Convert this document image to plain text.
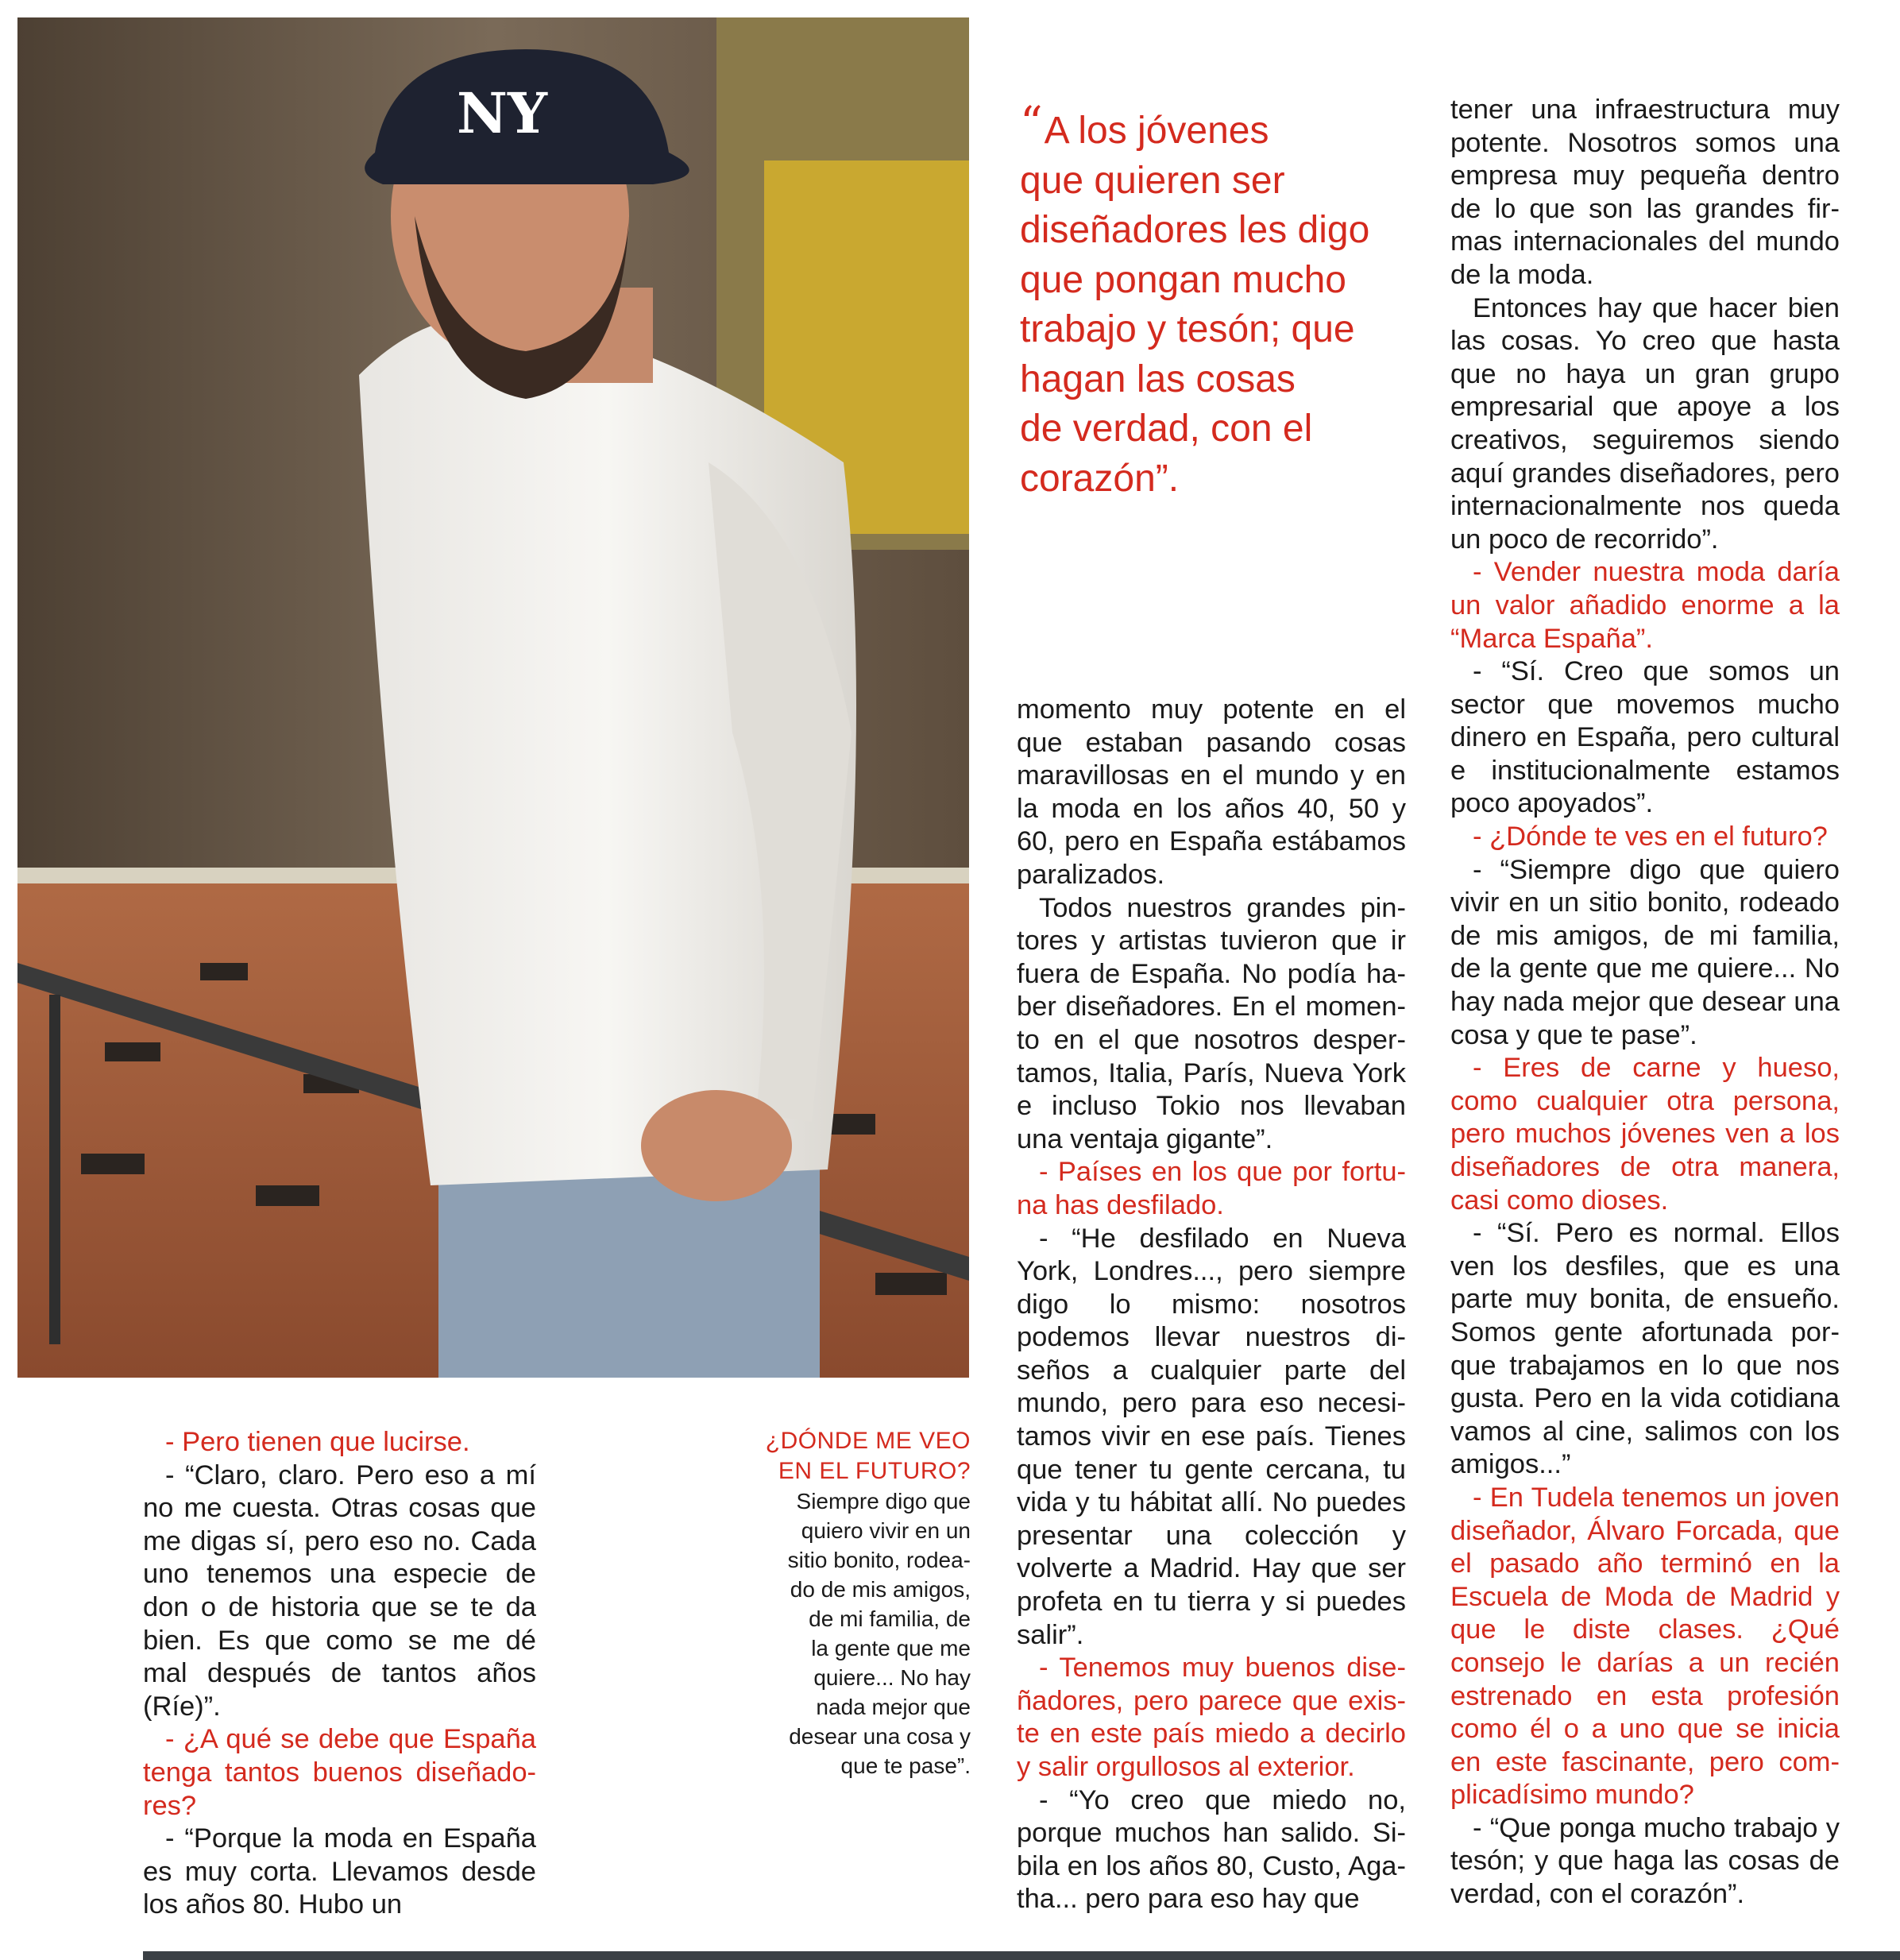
NY	“A los jóvenes
que quieren ser
diseñadores les digo
que pongan mucho
trabajo y tesón; que
hagan las cosas
de verdad, con el
corazón”.

- Pero tienen que lucirse.

- “Claro, claro. Pero eso a mí no me cuesta. Otras cosas que me digas sí, pero eso no. Cada uno tenemos una especie de don o de historia que se te da bien. Es que como se me dé mal después de tantos años (Ríe)”.

- ¿A qué se debe que España tenga tantos buenos diseñadores?

- “Porque la moda en España es muy corta. Llevamos desde los años 80. Hubo un

¿DÓNDE ME VEO
EN EL FUTURO?
Siempre digo que
quiero vivir en un
sitio bonito, rodea-
do de mis amigos,
de mi familia, de
la gente que me
quiere... No hay
nada mejor que
desear una cosa y
que te pase”.

momento muy potente en el que estaban pasando cosas maravillosas en el mundo y en la moda en los años 40, 50 y 60, pero en España estábamos paralizados.

Todos nuestros grandes pintores y artistas tuvieron que ir fuera de España. No podía haber diseñadores. En el momento en el que nosotros despertamos, Italia, París, Nueva York e incluso Tokio nos llevaban una ventaja gigante”.

- Países en los que por fortuna has desfilado.

- “He desfilado en Nueva York, Londres..., pero siempre digo lo mismo: nosotros podemos llevar nuestros diseños a cualquier parte del mundo, pero para eso necesitamos vivir en ese país. Tienes que tener tu gente cercana, tu vida y tu hábitat allí. No puedes presentar una colección y volverte a Madrid. Hay que ser profeta en tu tierra y si puedes salir”.

- Tenemos muy buenos diseñadores, pero parece que existe en este país miedo a decirlo y salir orgullosos al exterior.

- “Yo creo que miedo no, porque muchos han salido. Sibila en los años 80, Custo, Agatha... pero para eso hay que

tener una infraestructura muy potente. Nosotros somos una empresa muy pequeña dentro de lo que son las grandes firmas internacionales del mundo de la moda.

Entonces hay que hacer bien las cosas. Yo creo que hasta que no haya un gran grupo empresarial que apoye a los creativos, seguiremos siendo aquí grandes diseñadores, pero internacionalmente nos queda un poco de recorrido”.

- Vender nuestra moda daría un valor añadido enorme a la “Marca España”.

- “Sí. Creo que somos un sector que movemos mucho dinero en España, pero cultural e institucionalmente estamos poco apoyados”.

- ¿Dónde te ves en el futuro?

- “Siempre digo que quiero vivir en un sitio bonito, rodeado de mis amigos, de mi familia, de la gente que me quiere... No hay nada mejor que desear una cosa y que te pase”.

- Eres de carne y hueso, como cualquier otra persona, pero muchos jóvenes ven a los diseñadores de otra manera, casi como dioses.

- “Sí. Pero es normal. Ellos ven los desfiles, que es una parte muy bonita, de ensueño. Somos gente afortunada porque trabajamos en lo que nos gusta. Pero en la vida cotidiana vamos al cine, salimos con los amigos...”

- En Tudela tenemos un joven diseñador, Álvaro Forcada, que el pasado año terminó en la Escuela de Moda de Madrid y que le diste clases. ¿Qué consejo le darías a un recién estrenado en esta profesión como él o a uno que se inicia en este fascinante, pero complicadísimo mundo?

- “Que ponga mucho trabajo y tesón; y que haga las cosas de verdad, con el corazón”.
